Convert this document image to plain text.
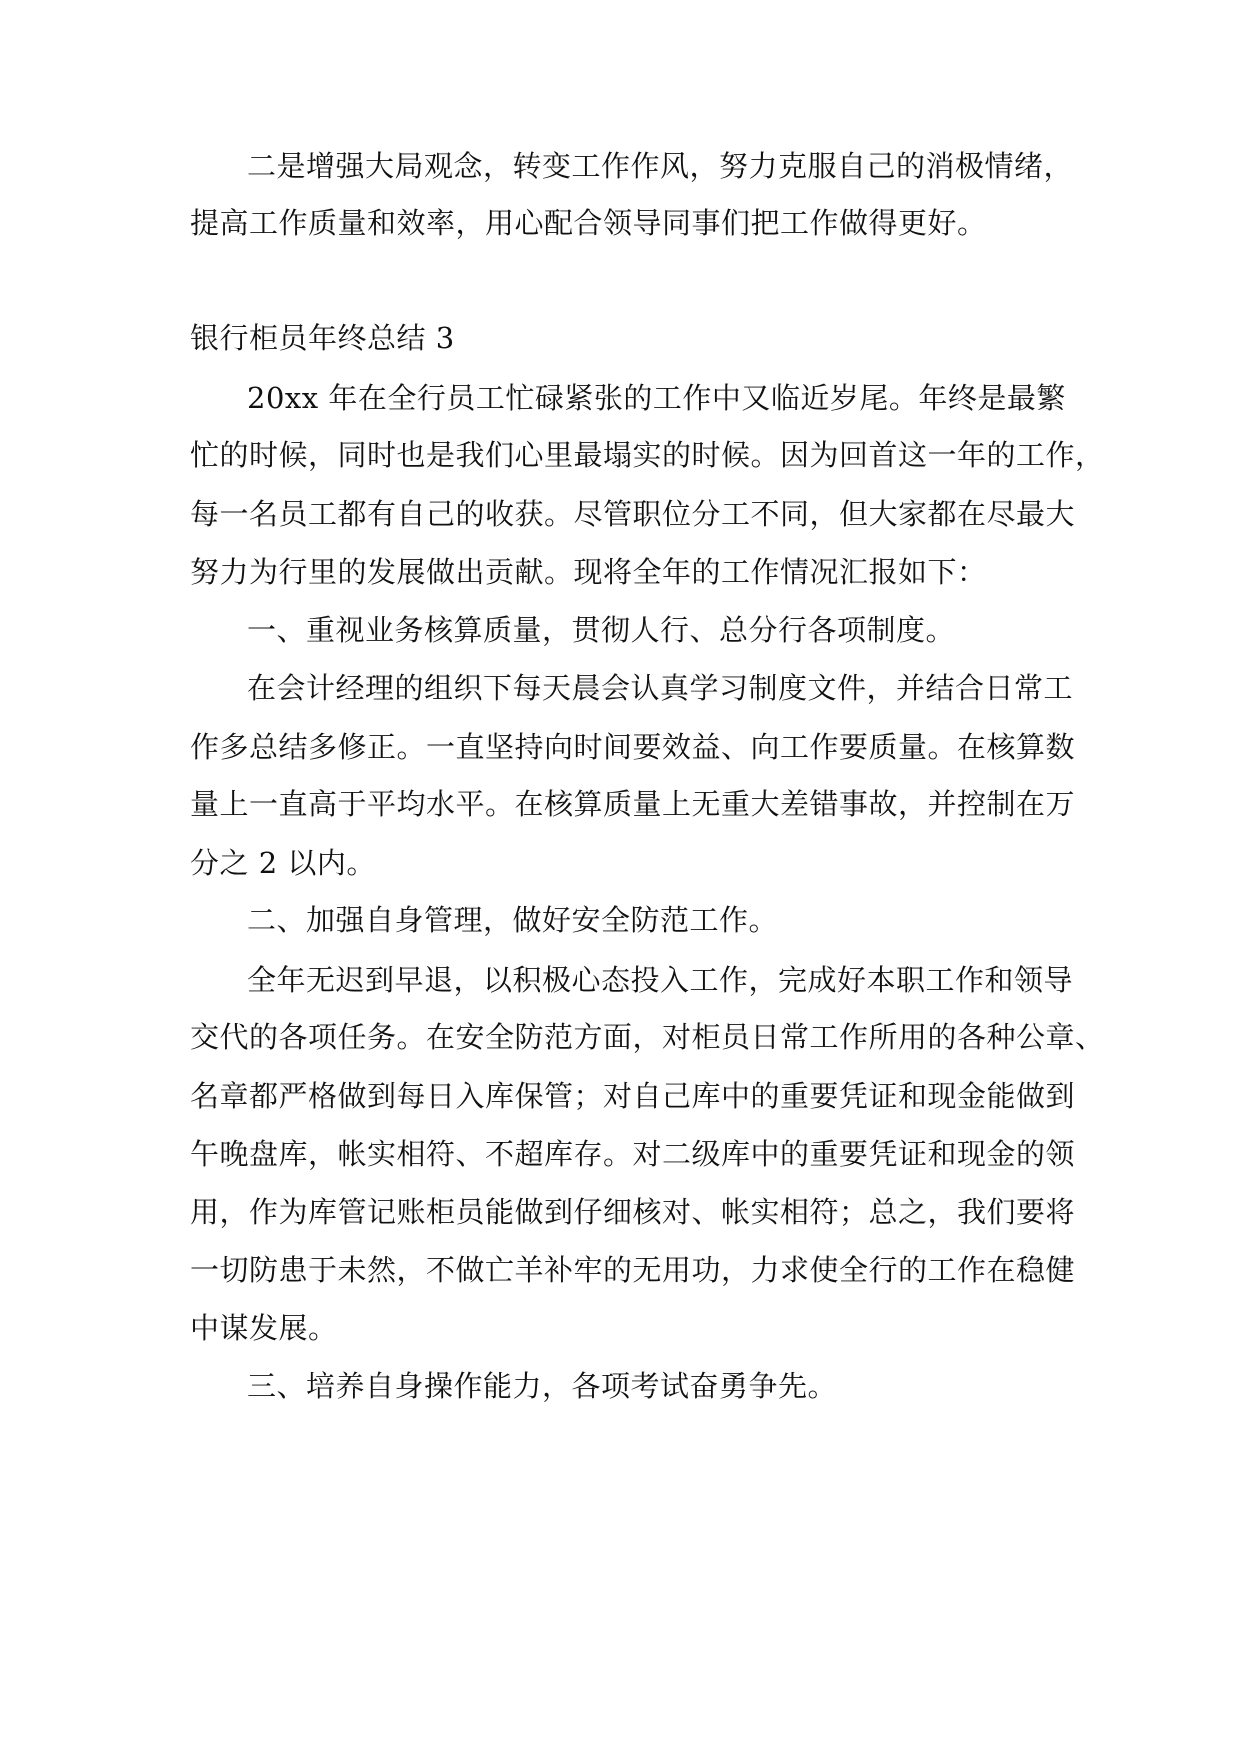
二是增强大局观念，转变工作作风，努力克服自己的消极情绪，
提高工作质量和效率，用心配合领导同事们把工作做得更好。
银行柜员年终总结 3
20xx 年在全行员工忙碌紧张的工作中又临近岁尾。年终是最繁
忙的时候，同时也是我们心里最塌实的时候。因为回首这一年的工作，
每一名员工都有自己的收获。尽管职位分工不同，但大家都在尽最大
努力为行里的发展做出贡献。现将全年的工作情况汇报如下：
一、重视业务核算质量，贯彻人行、总分行各项制度。
在会计经理的组织下每天晨会认真学习制度文件，并结合日常工
作多总结多修正。一直坚持向时间要效益、向工作要质量。在核算数
量上一直高于平均水平。在核算质量上无重大差错事故，并控制在万
分之 2 以内。
二、加强自身管理，做好安全防范工作。
全年无迟到早退，以积极心态投入工作，完成好本职工作和领导
交代的各项任务。在安全防范方面，对柜员日常工作所用的各种公章、
名章都严格做到每日入库保管；对自己库中的重要凭证和现金能做到
午晚盘库，帐实相符、不超库存。对二级库中的重要凭证和现金的领
用，作为库管记账柜员能做到仔细核对、帐实相符；总之，我们要将
一切防患于未然，不做亡羊补牢的无用功，力求使全行的工作在稳健
中谋发展。
三、培养自身操作能力，各项考试奋勇争先。
